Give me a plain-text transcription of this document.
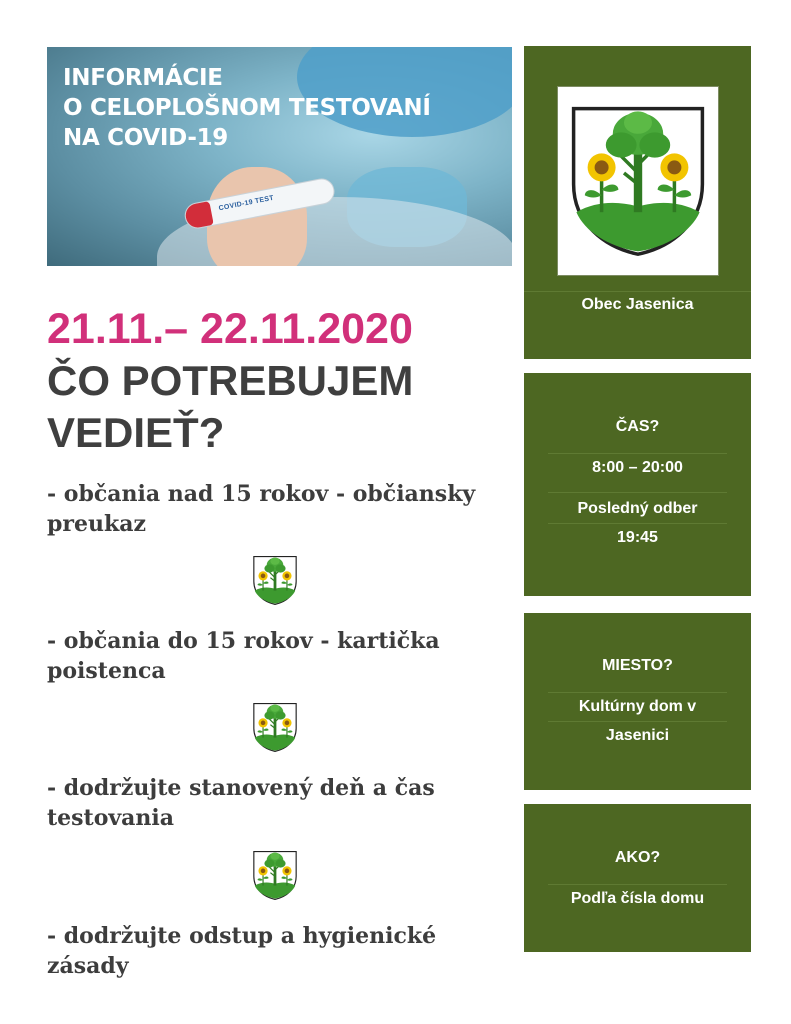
COVID-19 TEST
INFORMÁCIE
O CELOPLOŠNOM TESTOVANÍ
NA COVID-19
21.11.– 22.11.2020
ČO POTREBUJEM
VEDIEŤ?
- občania nad 15 rokov - občiansky preukaz
- občania do 15 rokov - kartička poistenca
- dodržujte stanovený deň a čas testovania
- dodržujte odstup a hygienické zásady
Obec Jasenica
ČAS?
8:00 – 20:00
Posledný odber
19:45
MIESTO?
Kultúrny dom v
Jasenici
AKO?
Podľa čísla domu
